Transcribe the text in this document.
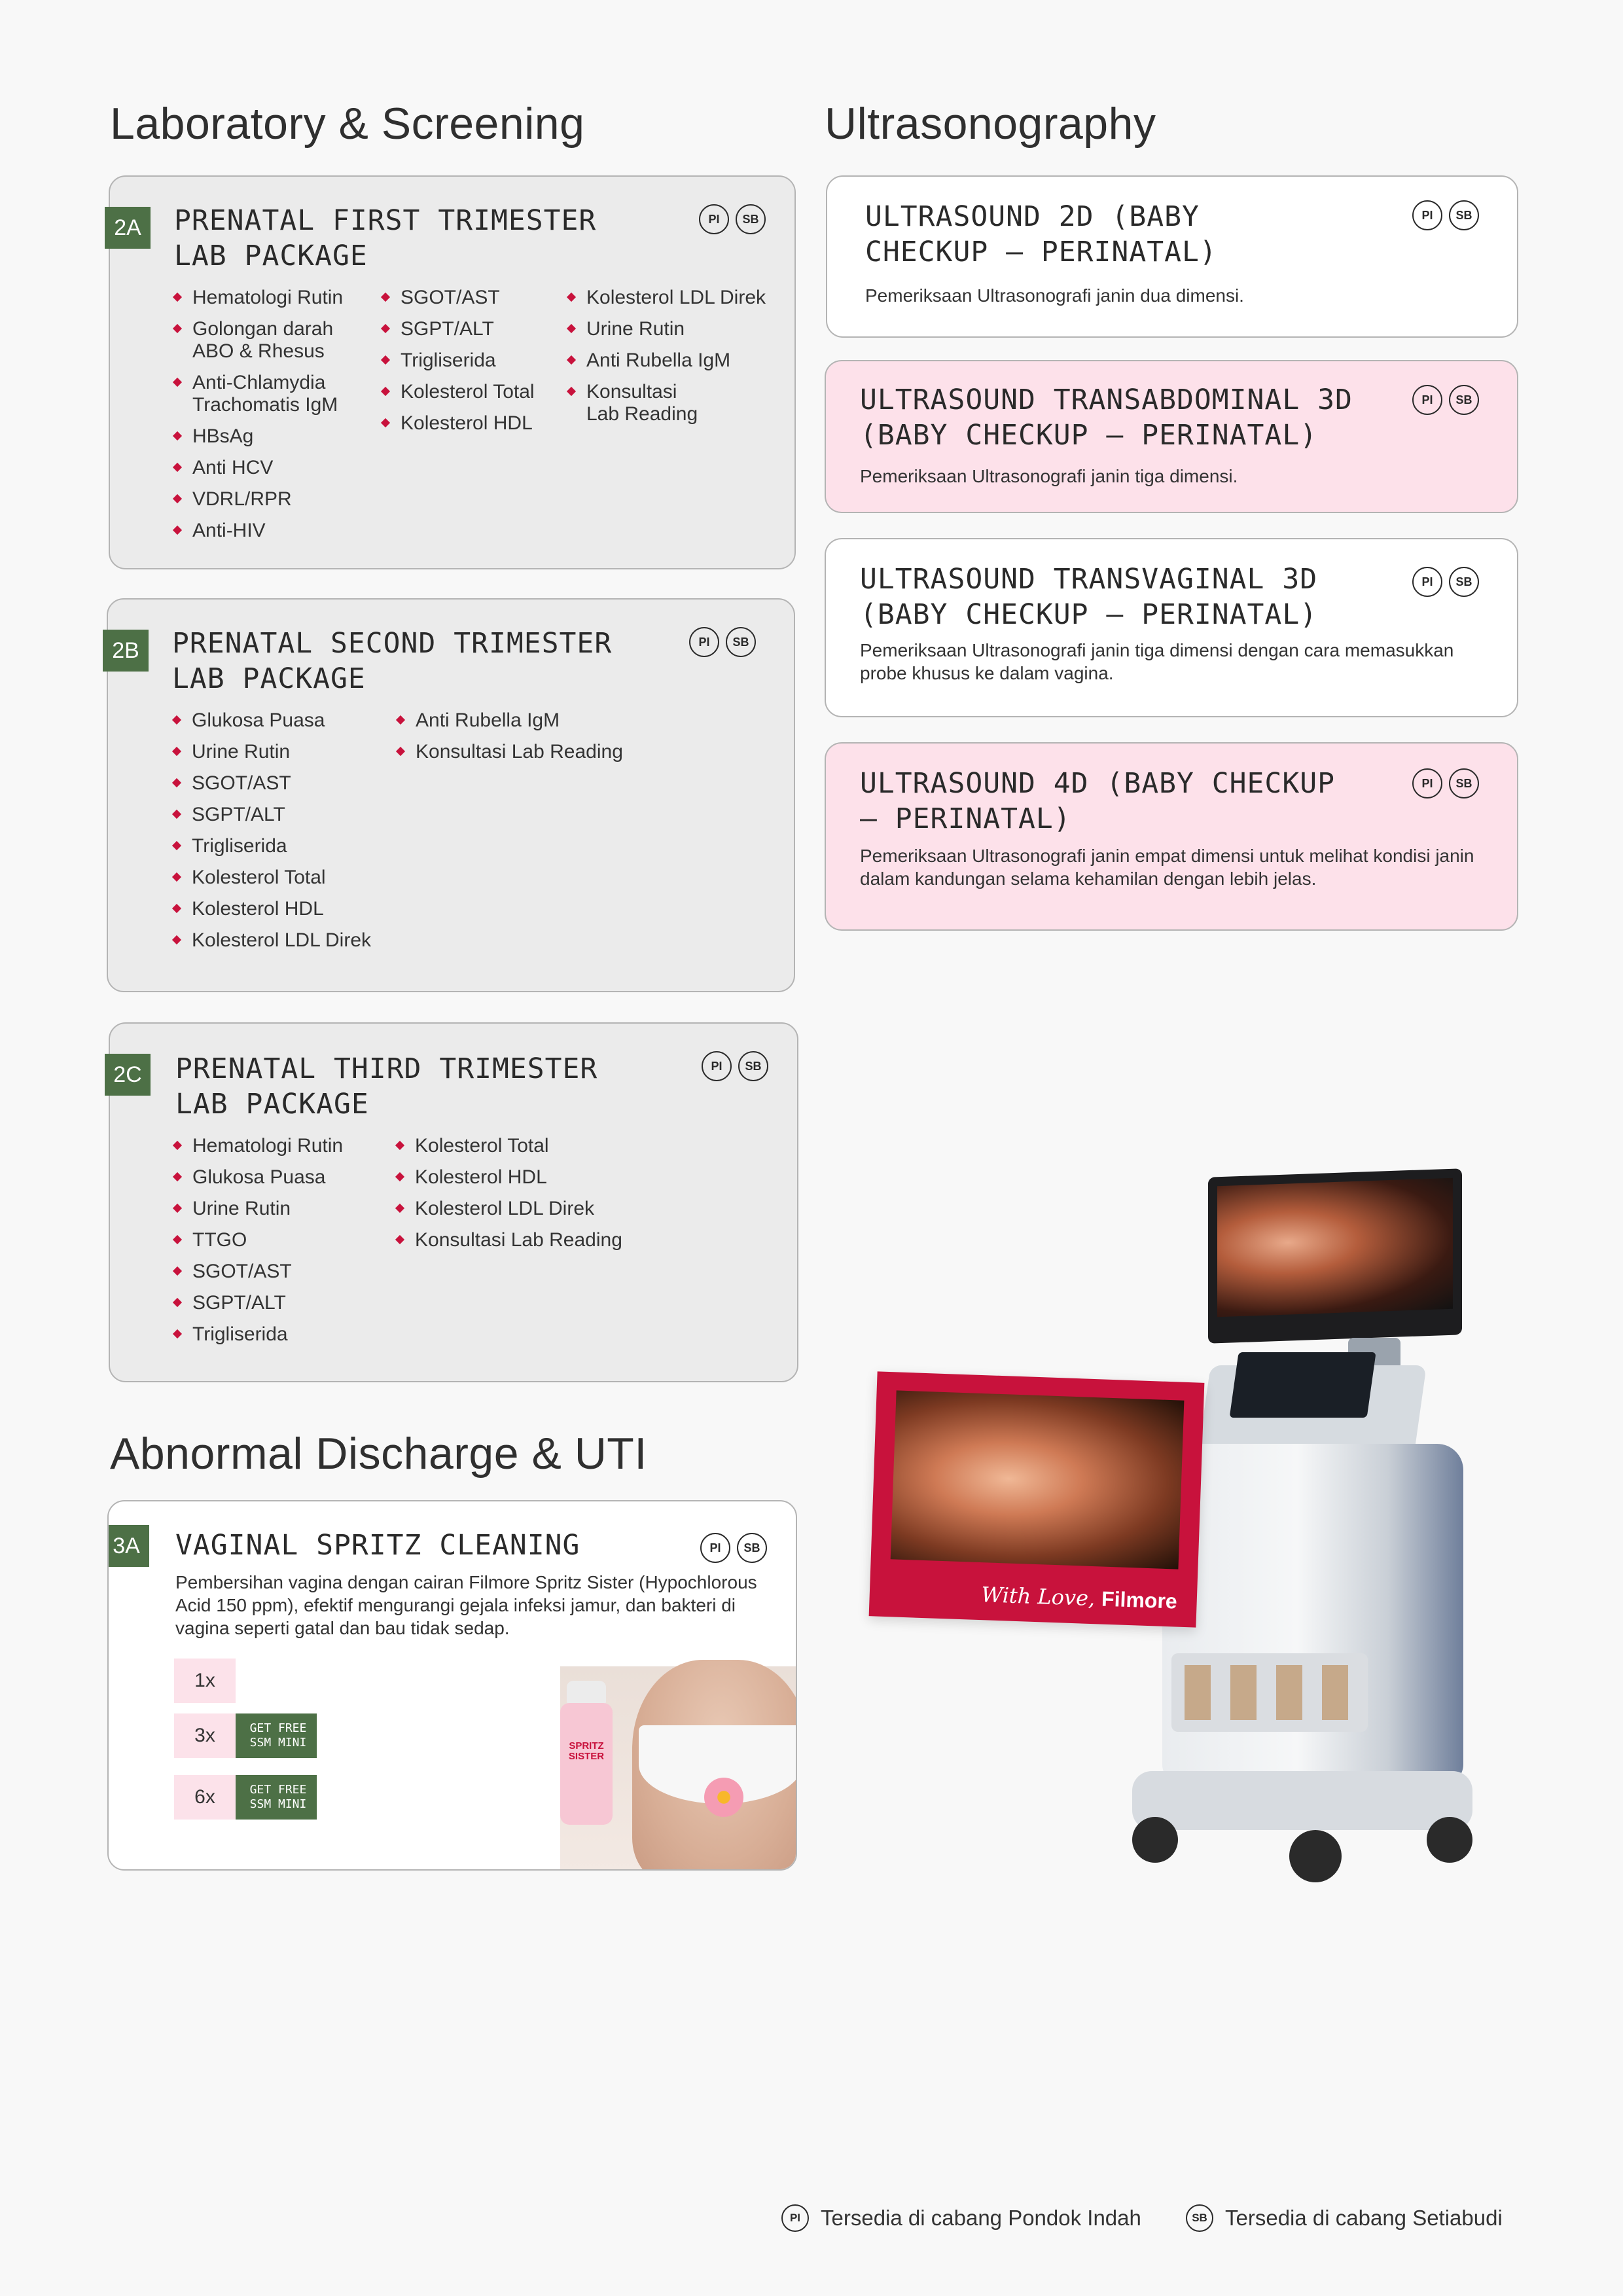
Laboratory & Screening	Ultrasonography
Abnormal Discharge & UTI
2A	PRENATAL FIRST TRIMESTER
LAB PACKAGE
PI	SB
Hematologi Rutin
Golongan darah
ABO & Rhesus
Anti-Chlamydia
Trachomatis IgM
HBsAg
Anti HCV
VDRL/RPR
Anti-HIV
SGOT/AST
SGPT/ALT
Trigliserida
Kolesterol Total
Kolesterol HDL
Kolesterol LDL Direk
Urine Rutin
Anti Rubella IgM
Konsultasi
Lab Reading
2B	PRENATAL SECOND TRIMESTER
LAB PACKAGE
PI	SB
Glukosa Puasa
Urine Rutin
SGOT/AST
SGPT/ALT
Trigliserida
Kolesterol Total
Kolesterol HDL
Kolesterol LDL Direk
Anti Rubella IgM
Konsultasi Lab Reading
2C	PRENATAL THIRD TRIMESTER
LAB PACKAGE
PI	SB
Hematologi Rutin
Glukosa Puasa
Urine Rutin
TTGO
SGOT/AST
SGPT/ALT
Trigliserida
Kolesterol Total
Kolesterol HDL
Kolesterol LDL Direk
Konsultasi Lab Reading
3A	VAGINAL SPRITZ CLEANING	PI	SB
Pembersihan vagina dengan cairan Filmore Spritz Sister (Hypochlorous Acid 150 ppm), efektif mengurangi gejala infeksi jamur, dan bakteri di vagina seperti gatal dan bau tidak sedap.
1x
3x	GET FREE
SSM MINI
6x	GET FREE
SSM MINI
SPRITZ
SISTER
ULTRASOUND 2D (BABY
CHECKUP – PERINATAL)
PI	SB
Pemeriksaan Ultrasonografi janin dua dimensi.
ULTRASOUND TRANSABDOMINAL 3D
(BABY CHECKUP – PERINATAL)
PI	SB
Pemeriksaan Ultrasonografi janin tiga dimensi.
ULTRASOUND TRANSVAGINAL 3D
(BABY CHECKUP – PERINATAL)
PI	SB
Pemeriksaan Ultrasonografi janin tiga dimensi dengan cara memasukkan probe khusus ke dalam vagina.
ULTRASOUND 4D (BABY CHECKUP
– PERINATAL)
PI	SB
Pemeriksaan Ultrasonografi janin empat dimensi untuk melihat kondisi janin dalam kandungan selama kehamilan dengan lebih jelas.
With Love, Filmore
PI Tersedia di cabang Pondok Indah	SB Tersedia di cabang Setiabudi
